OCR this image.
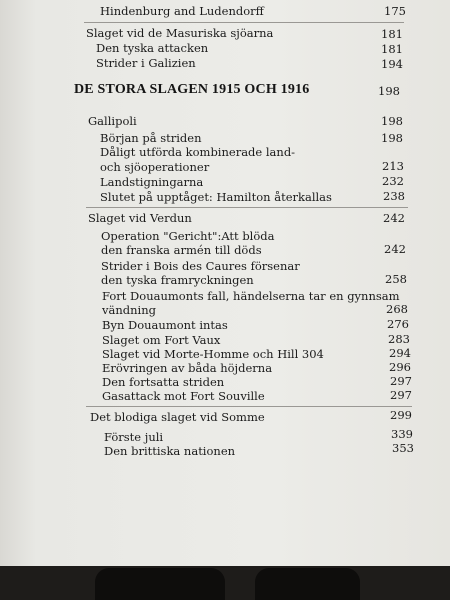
Hindenburg and Ludendorff	175
Slaget vid de Masuriska sjöarna	181
Den tyska attacken	181
Strider i Galizien	194
DE STORA SLAGEN 1915 OCH 1916	198
Gallipoli	198
Början på striden	198
Dåligt utförda kombinerade land-
och sjöoperationer	213
Landstigningarna	232
Slutet på upptåget: Hamilton återkallas	238
Slaget vid Verdun	242
Operation "Gericht":Att blöda
den franska armén till döds	242
Strider i Bois des Caures försenar
den tyska framryckningen	258
Fort Douaumonts fall, händelserna tar en gynnsam
vändning	268
Byn Douaumont intas	276
Slaget om Fort Vaux	283
Slaget vid Morte-Homme och Hill 304	294
Erövringen av båda höjderna	296
Den fortsatta striden	297
Gasattack mot Fort Souville	297
Det blodiga slaget vid Somme	299
Förste juli	339
Den brittiska nationen	353
